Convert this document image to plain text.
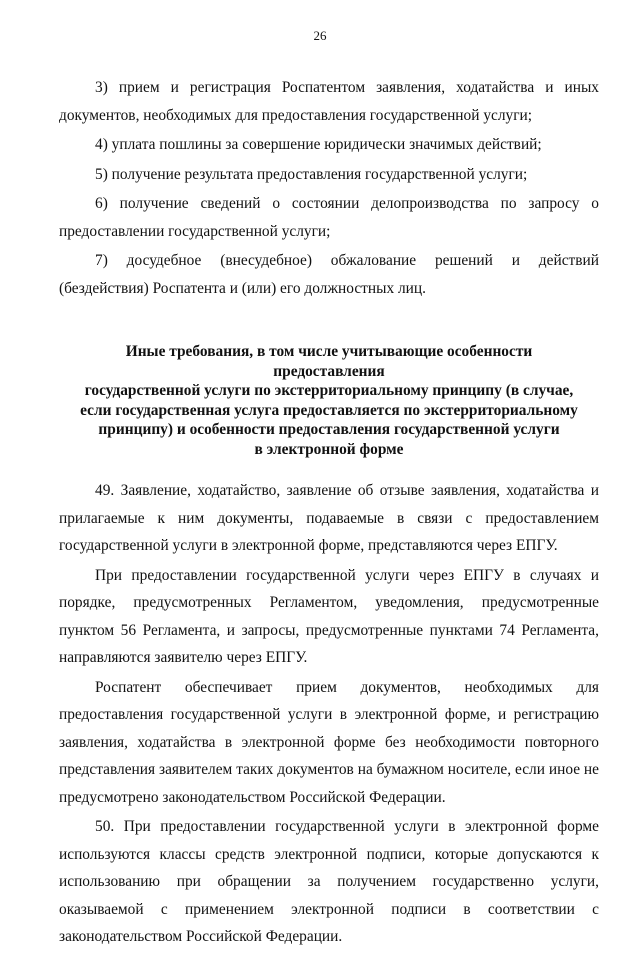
26

3) прием и регистрация Роспатентом заявления, ходатайства и иных документов, необходимых для предоставления государственной услуги;

4) уплата пошлины за совершение юридически значимых действий;

5) получение результата предоставления государственной услуги;

6) получение сведений о состоянии делопроизводства по запросу о предоставлении государственной услуги;

7) досудебное (внесудебное) обжалование решений и действий (бездействия) Роспатента и (или) его должностных лиц.

Иные требования, в том числе учитывающие особенности предоставления
государственной услуги по экстерриториальному принципу (в случае,
если государственная услуга предоставляется по экстерриториальному
принципу) и особенности предоставления государственной услуги
в электронной форме

49. Заявление, ходатайство, заявление об отзыве заявления, ходатайства и прилагаемые к ним документы, подаваемые в связи с предоставлением государственной услуги в электронной форме, представляются через ЕПГУ.

При предоставлении государственной услуги через ЕПГУ в случаях и порядке, предусмотренных Регламентом, уведомления, предусмотренные пунктом 56 Регламента, и запросы, предусмотренные пунктами 74 Регламента, направляются заявителю через ЕПГУ.

Роспатент обеспечивает прием документов, необходимых для предоставления государственной услуги в электронной форме, и регистрацию заявления, ходатайства в электронной форме без необходимости повторного представления заявителем таких документов на бумажном носителе, если иное не предусмотрено законодательством Российской Федерации.

50. При предоставлении государственной услуги в электронной форме используются классы средств электронной подписи, которые допускаются к использованию при обращении за получением государственно услуги, оказываемой с применением электронной подписи в соответствии с законодательством Российской Федерации.
